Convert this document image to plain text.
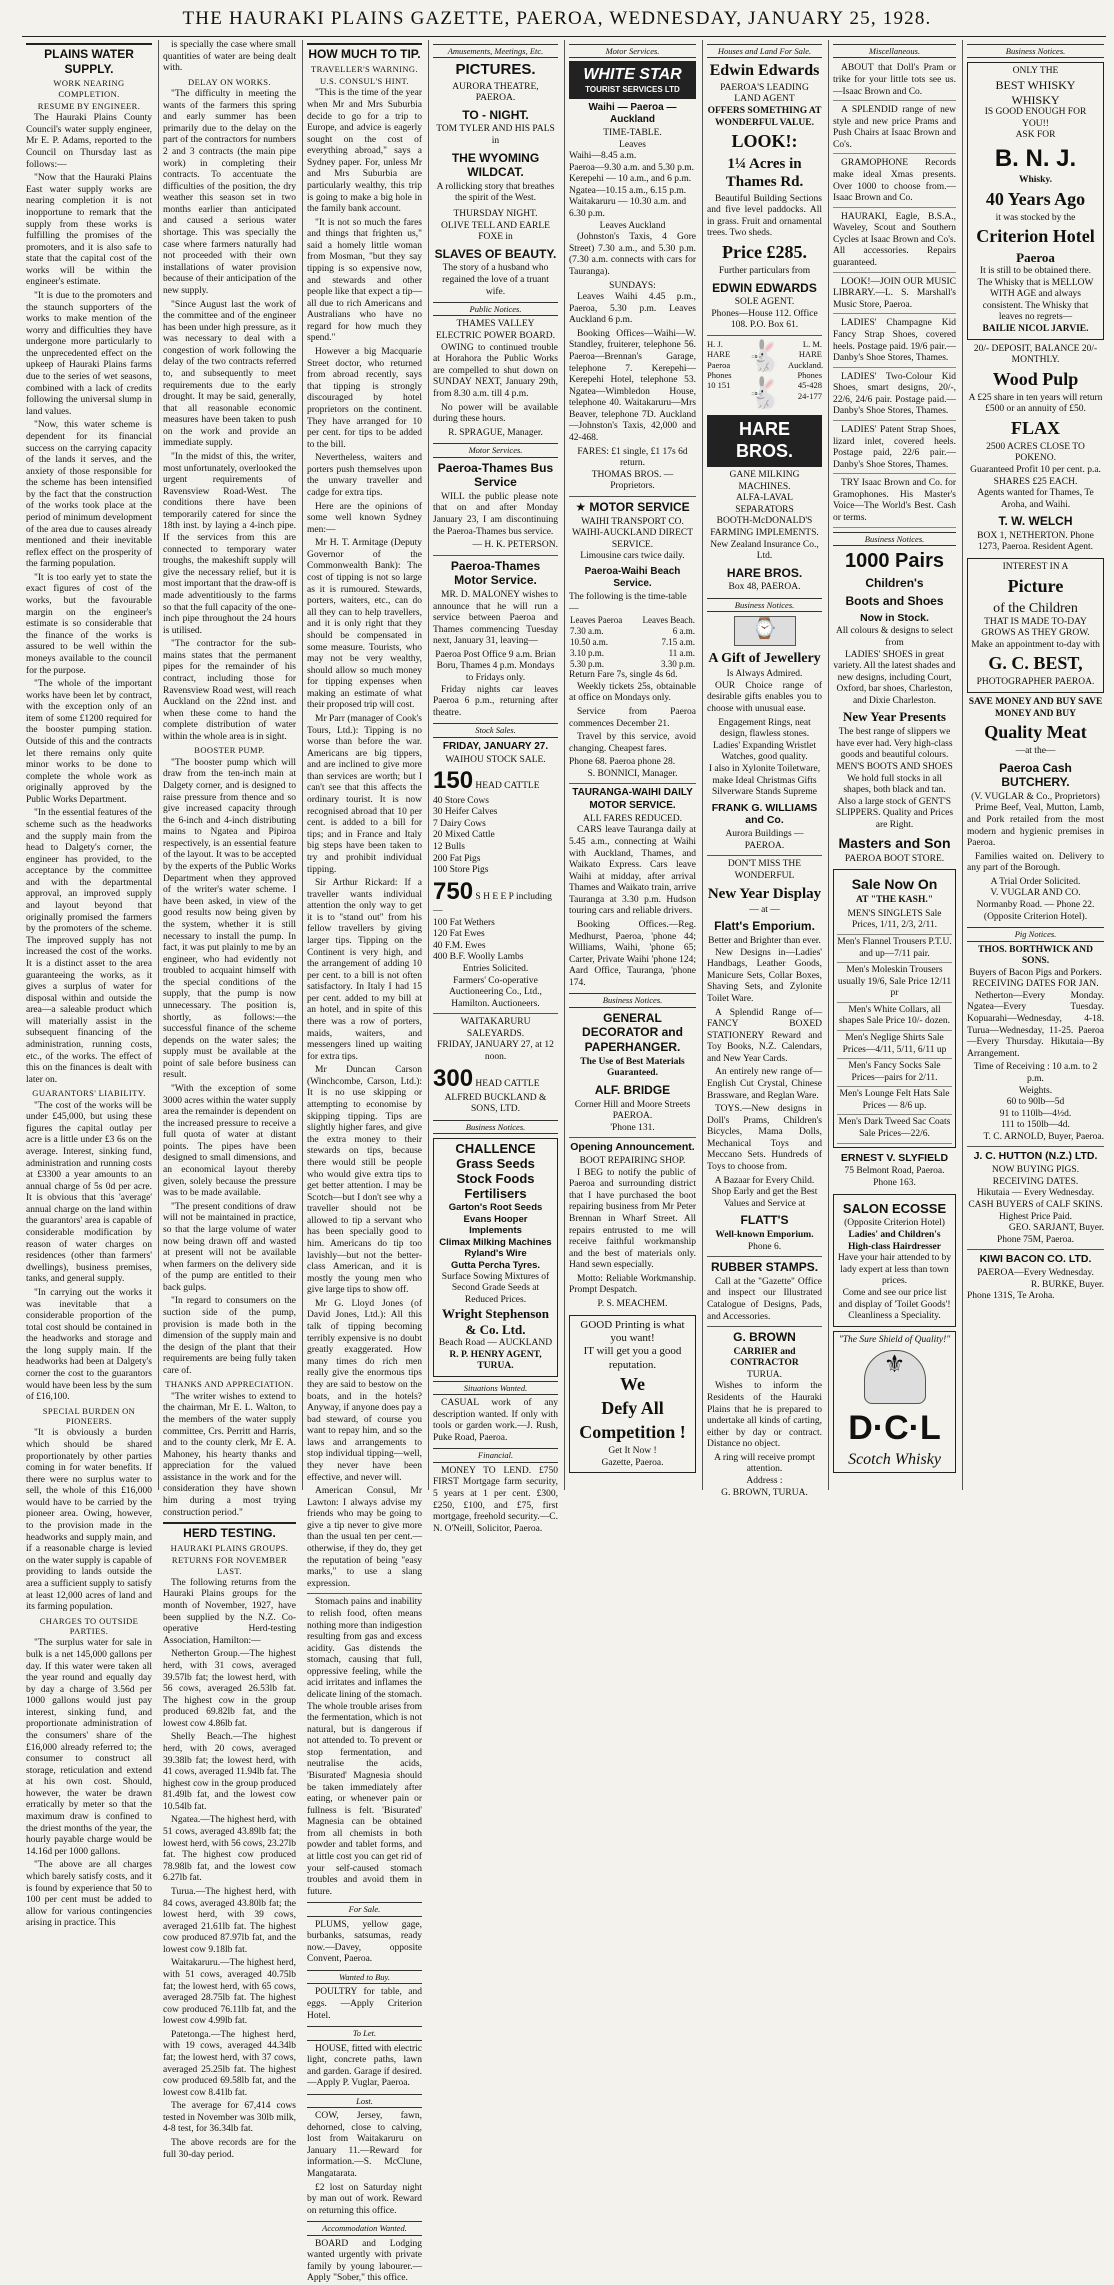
THE HAURAKI PLAINS GAZETTE, PAEROA, WEDNESDAY, JANUARY 25, 1928.
PLAINS WATER SUPPLY.
WORK NEARING COMPLETION.
RESUME BY ENGINEER.

The Hauraki Plains County Council's water supply engineer, Mr E. P. Adams, reported to the Council on Thursday last as follows:—

"Now that the Hauraki Plains East water supply works are nearing completion it is not inopportune to remark that the supply from these works is fulfilling the promises of the promoters, and it is also safe to state that the capital cost of the works will be within the engineer's estimate.

"It is due to the promoters and the staunch supporters of the works to make mention of the worry and difficulties they have undergone more particularly to the unprecedented effect on the upkeep of Hauraki Plains farms due to the series of wet seasons, combined with a lack of credits following the universal slump in land values.

"Now, this water scheme is dependent for its financial success on the carrying capacity of the lands it serves, and the anxiety of those responsible for the scheme has been intensified by the fact that the construction of the works took place at the period of minimum development of the area due to causes already mentioned and their inevitable reflex effect on the prosperity of the farming population.

"It is too early yet to state the exact figures of cost of the works, but the favourable margin on the engineer's estimate is so considerable that the finance of the works is assured to be well within the moneys available to the council for the purpose.

"The whole of the important works have been let by contract, with the exception only of an item of some £1200 required for the booster pumping station. Outside of this and the contracts let there remains only quite minor works to be done to complete the whole work as originally approved by the Public Works Department.

"In the essential features of the scheme such as the headworks and the supply main from the head to Dalgety's corner, the engineer has provided, to the acceptance by the committee and with the departmental approval, an improved supply and layout beyond that originally promised the farmers by the promoters of the scheme. The improved supply has not increased the cost of the works. It is a distinct asset to the area guaranteeing the works, as it gives a surplus of water for disposal within and outside the area—a saleable product which will materially assist in the subsequent financing of the administration, running costs, etc., of the works. The effect of this on the finances is dealt with later on.

GUARANTORS' LIABILITY.

"The cost of the works will be under £45,000, but using these figures the capital outlay per acre is a little under £3 6s on the average. Interest, sinking fund, administration and running costs at £3300 a year amounts to an annual charge of 5s 0d per acre. It is obvious that this 'average' annual charge on the land within the guarantors' area is capable of considerable modification by reason of water charges on residences (other than farmers' dwellings), business premises, tanks, and general supply.

"In carrying out the works it was inevitable that a considerable proportion of the total cost should be contained in the headworks and storage and the long supply main. If the headworks had been at Dalgety's corner the cost to the guarantors would have been less by the sum of £16,100.

SPECIAL BURDEN ON PIONEERS.

"It is obviously a burden which should be shared proportionately by other parties coming in for water benefits. If there were no surplus water to sell, the whole of this £16,000 would have to be carried by the pioneer area. Owing, however, to the provision made in the headworks and supply main, and if a reasonable charge is levied on the water supply is capable of providing to lands outside the area a sufficient supply to satisfy at least 12,000 acres of land and its farming population.

CHARGES TO OUTSIDE PARTIES.

"The surplus water for sale in bulk is a net 145,000 gallons per day. If this water were taken all the year round and equally day by day a charge of 3.56d per 1000 gallons would just pay interest, sinking fund, and proportionate administration of the consumers' share of the £16,000 already referred to; the consumer to construct all storage, reticulation and extend at his own cost. Should, however, the water be drawn erratically by meter so that the maximum draw is confined to the driest months of the year, the hourly payable charge would be 14.16d per 1000 gallons.

"The above are all charges which barely satisfy costs, and it is found by experience that 50 to 100 per cent must be added to allow for various contingencies arising in practice. This

is specially the case where small quantities of water are being dealt with.

DELAY ON WORKS.

"The difficulty in meeting the wants of the farmers this spring and early summer has been primarily due to the delay on the part of the contractors for numbers 2 and 3 contracts (the main pipe work) in completing their contracts. To accentuate the difficulties of the position, the dry weather this season set in two months earlier than anticipated and caused a serious water shortage. This was specially the case where farmers naturally had not proceeded with their own installations of water provision because of their anticipation of the new supply.

"Since August last the work of the committee and of the engineer has been under high pressure, as it was necessary to deal with a congestion of work following the delay of the two contracts referred to, and subsequently to meet requirements due to the early drought. It may be said, generally, that all reasonable economic measures have been taken to push on the work and provide an immediate supply.

"In the midst of this, the writer, most unfortunately, overlooked the urgent requirements of Ravensview Road-West. The conditions there have been temporarily catered for since the 18th inst. by laying a 4-inch pipe. If the services from this are connected to temporary water troughs, the makeshift supply will give the necessary relief, but it is most important that the draw-off is made adventitiously to the farms so that the full capacity of the one-inch pipe throughout the 24 hours is utilised.

"The contractor for the sub-mains states that the permanent pipes for the remainder of his contract, including those for Ravensview Road west, will reach Auckland on the 22nd inst. and when these come to hand the complete distribution of water within the whole area is in sight.

BOOSTER PUMP.

"The booster pump which will draw from the ten-inch main at Dalgety corner, and is designed to raise pressure from thence and so give increased capacity through the 6-inch and 4-inch distributing mains to Ngatea and Pipiroa respectively, is an essential feature of the layout. It was to be accepted by the experts of the Public Works Department when they approved of the writer's water scheme. I have been asked, in view of the good results now being given by the system, whether it is still necessary to install the pump. In fact, it was put plainly to me by an engineer, who had evidently not troubled to acquaint himself with the special conditions of the supply, that the pump is now unnecessary. The position is, shortly, as follows:—the successful finance of the scheme depends on the water sales; the supply must be available at the point of sale before business can result.

"With the exception of some 3000 acres within the water supply area the remainder is dependent on the increased pressure to receive a full quota of water at distant points. The pipes have been designed to small dimensions, and an economical layout thereby given, solely because the pressure was to be made available.

"The present conditions of draw will not be maintained in practice, so that the large volume of water now being drawn off and wasted at present will not be available when farmers on the delivery side of the pump are entitled to their back gulps.

"In regard to consumers on the suction side of the pump, provision is made both in the dimension of the supply main and the design of the plant that their requirements are being fully taken care of.

THANKS AND APPRECIATION.

"The writer wishes to extend to the chairman, Mr E. L. Walton, to the members of the water supply committee, Crs. Perritt and Harris, and to the county clerk, Mr E. A. Mahoney, his hearty thanks and appreciation for the valued assistance in the work and for the consideration they have shown him during a most trying construction period."

HERD TESTING.
HAURAKI PLAINS GROUPS.
RETURNS FOR NOVEMBER LAST.

The following returns from the Hauraki Plains groups for the month of November, 1927, have been supplied by the N.Z. Co-operative Herd-testing Association, Hamilton:—

Netherton Group.—The highest herd, with 31 cows, averaged 39.57lb fat; the lowest herd, with 56 cows, averaged 26.53lb fat. The highest cow in the group produced 69.82lb fat, and the lowest cow 4.86lb fat.

Shelly Beach.—The highest herd, with 20 cows, averaged 39.38lb fat; the lowest herd, with 41 cows, averaged 11.94lb fat. The highest cow in the group produced 81.49lb fat, and the lowest cow 10.54lb fat.

Ngatea.—The highest herd, with 51 cows, averaged 43.89lb fat; the lowest herd, with 56 cows, 23.27lb fat. The highest cow produced 78.98lb fat, and the lowest cow 6.27lb fat.

Turua.—The highest herd, with 84 cows, averaged 43.80lb fat; the lowest herd, with 39 cows, averaged 21.61lb fat. The highest cow produced 87.97lb fat, and the lowest cow 9.18lb fat.

Waitakaruru.—The highest herd, with 51 cows, averaged 40.75lb fat; the lowest herd, with 65 cows, averaged 28.75lb fat. The highest cow produced 76.11lb fat, and the lowest cow 4.99lb fat.

Patetonga.—The highest herd, with 19 cows, averaged 44.34lb fat; the lowest herd, with 37 cows, averaged 25.25lb fat. The highest cow produced 69.58lb fat, and the lowest cow 8.41lb fat.

The average for 67,414 cows tested in November was 30lb milk, 4-8 test, for 36.34lb fat.

The above records are for the full 30-day period.

HOW MUCH TO TIP.
TRAVELLER'S WARNING.
U.S. CONSUL'S HINT.

"This is the time of the year when Mr and Mrs Suburbia decide to go for a trip to Europe, and advice is eagerly sought on the cost of everything abroad," says a Sydney paper. For, unless Mr and Mrs Suburbia are particularly wealthy, this trip is going to make a big hole in the family bank account.

"It is not so much the fares and things that frighten us," said a homely little woman from Mosman, "but they say tipping is so expensive now, and stewards and other people like that expect a tip—all due to rich Americans and Australians who have no regard for how much they spend."

However a big Macquarie Street doctor, who returned from abroad recently, says that tipping is strongly discouraged by hotel proprietors on the continent. They have arranged for 10 per cent. for tips to be added to the bill.

Nevertheless, waiters and porters push themselves upon the unwary traveller and cadge for extra tips.

Here are the opinions of some well known Sydney men:—

Mr H. T. Armitage (Deputy Governor of the Commonwealth Bank): The cost of tipping is not so large as it is rumoured. Stewards, porters, waiters, etc., can do all they can to help travellers, and it is only right that they should be compensated in some measure. Tourists, who may not be very wealthy, should allow so much money for tipping expenses when making an estimate of what their proposed trip will cost.

Mr Parr (manager of Cook's Tours, Ltd.): Tipping is no worse than before the war. Americans are big tippers, and are inclined to give more than services are worth; but I can't see that this affects the ordinary tourist. It is now recognised abroad that 10 per cent. is added to a bill for tips; and in France and Italy big steps have been taken to try and prohibit individual tipping.

Sir Arthur Rickard: If a traveller wants individual attention the only way to get it is to "stand out" from his fellow travellers by giving larger tips. Tipping on the Continent is very high, and the arrangement of adding 10 per cent. to a bill is not often satisfactory. In Italy I had 15 per cent. added to my bill at an hotel, and in spite of this there was a row of porters, maids, waiters, and messengers lined up waiting for extra tips.

Mr Duncan Carson (Winchcombe, Carson, Ltd.): It is no use skipping or attempting to economise by skipping tipping. Tips are slightly higher fares, and give the extra money to their stewards on tips, because there would still be people who would give extra tips to get better attention. I may be Scotch—but I don't see why a traveller should not be allowed to tip a servant who has been specially good to him. Americans do tip too lavishly—but not the better-class American, and it is mostly the young men who give large tips to show off.

Mr G. Lloyd Jones (of David Jones, Ltd.): All this talk of tipping becoming terribly expensive is no doubt greatly exaggerated. How many times do rich men really give the enormous tips they are said to bestow on the boats, and in the hotels? Anyway, if anyone does pay a bad steward, of course you want to repay him, and so the laws and arrangements to stop individual tipping—well, they never have been effective, and never will.

American Consul, Mr Lawton: I always advise my friends who may be going to give a tip never to give more than the usual ten per cent.—otherwise, if they do, they get the reputation of being "easy marks," to use a slang expression.

Stomach pains and inability to relish food, often means nothing more than indigestion resulting from gas and excess acidity. Gas distends the stomach, causing that full, oppressive feeling, while the acid irritates and inflames the delicate lining of the stomach. The whole trouble arises from the fermentation, which is not natural, but is dangerous if not attended to. To prevent or stop fermentation, and neutralise the acids, 'Bisurated' Magnesia should be taken immediately after eating, or whenever pain or fullness is felt. 'Bisurated' Magnesia can be obtained from all chemists in both powder and tablet forms, and at little cost you can get rid of your self-caused stomach troubles and avoid them in future.

For Sale.

PLUMS, yellow gage, burbanks, satsumas, ready now.—Davey, opposite Convent, Paeroa.

Wanted to Buy.

POULTRY for table, and eggs. —Apply Criterion Hotel.

To Let.

HOUSE, fitted with electric light, concrete paths, lawn and garden. Garage if desired.—Apply P. Vuglar, Paeroa.

Lost.

COW, Jersey, fawn, dehorned, close to calving, lost from Waitakaruru on January 11.—Reward for information.—S. McClune, Mangatarata.

£2 lost on Saturday night by man out of work. Reward on returning this office.

Accommodation Wanted.

BOARD and Lodging wanted urgently with private family by young labourer.—Apply "Sober," this office.

Amusements, Meetings, Etc.
PICTURES.
AURORA THEATRE, PAEROA.
TO - NIGHT.
TOM TYLER AND HIS PALS in
THE WYOMING WILDCAT.
A rollicking story that breathes the spirit of the West.
THURSDAY NIGHT.
OLIVE TELL AND EARLE FOXE in
SLAVES OF BEAUTY.
The story of a husband who regained the love of a truant wife.
Public Notices.
THAMES VALLEY ELECTRIC POWER BOARD.

OWING to continued trouble at Horahora the Public Works are compelled to shut down on SUNDAY NEXT, January 29th, from 8.30 a.m. till 4 p.m.

No power will be available during these hours.

R. SPRAGUE, Manager.
Motor Services.
Paeroa-Thames Bus Service

WILL the public please note that on and after Monday January 23, I am discontinuing the Paeroa-Thames bus service.

— H. K. PETERSON.
Paeroa-Thames Motor Service.

MR. D. MALONEY wishes to announce that he will run a service between Paeroa and Thames commencing Tuesday next, January 31, leaving—

Paeroa Post Office 9 a.m. Brian Boru, Thames 4 p.m. Mondays to Fridays only.

Friday nights car leaves Paeroa 6 p.m., returning after theatre.

Stock Sales.
FRIDAY, JANUARY 27.
WAIHOU STOCK SALE.
150 HEAD CATTLE
40 Store Cows
30 Heifer Calves
7 Dairy Cows
20 Mixed Cattle
12 Bulls
200 Fat Pigs
100 Store Pigs
750 S H E E P including—
100 Fat Wethers
120 Fat Ewes
40 F.M. Ewes
400 B.F. Woolly Lambs
Entries Solicited.
Farmers' Co-operative Auctioneering Co., Ltd., Hamilton. Auctioneers.
WAITAKARURU SALEYARDS.
FRIDAY, JANUARY 27, at 12 noon.
300 HEAD CATTLE
ALFRED BUCKLAND & SONS, LTD.
Business Notices.
CHALLENCE
Grass Seeds
Stock Foods
Fertilisers
Garton's Root Seeds
Evans Hooper Implements
Climax Milking Machines
Ryland's Wire
Gutta Percha Tyres.
Surface Sowing Mixtures of Second Grade Seeds at Reduced Prices.
Wright Stephenson & Co. Ltd.
Beach Road — AUCKLAND
R. P. HENRY AGENT, TURUA.
Situations Wanted.

CASUAL work of any description wanted. If only with tools or garden work.—J. Rush, Puke Road, Paeroa.

Financial.

MONEY TO LEND. £750 FIRST Mortgage farm security, 5 years at 1 per cent. £300, £250, £100, and £75, first mortgage, freehold security.—C. N. O'Neill, Solicitor, Paeroa.

Motor Services.
WHITE STAR
TOURIST SERVICES LTD
Waihi — Paeroa — Auckland
TIME-TABLE.
Leaves
Waihi—8.45 a.m.
Paeroa—9.30 a.m. and 5.30 p.m.
Kerepehi — 10 a.m., and 6 p.m.
Ngatea—10.15 a.m., 6.15 p.m.
Waitakaruru — 10.30 a.m. and 6.30 p.m.
Leaves Auckland

(Johnston's Taxis, 4 Gore Street) 7.30 a.m., and 5.30 p.m. (7.30 a.m. connects with cars for Tauranga).

SUNDAYS:

Leaves Waihi 4.45 p.m., Paeroa, 5.30 p.m. Leaves Auckland 6 p.m.

Booking Offices—Waihi—W. Standley, fruiterer, telephone 56. Paeroa—Brennan's Garage, telephone 7. Kerepehi—Kerepehi Hotel, telephone 53. Ngatea—Wimbledon House, telephone 40. Waitakaruru—Mrs Beaver, telephone 7D. Auckland—Johnston's Taxis, 42,000 and 42-468.

FARES: £1 single, £1 17s 6d return.
THOMAS BROS. — Proprietors.
★ MOTOR SERVICE
WAIHI TRANSPORT CO.
WAIHI-AUCKLAND DIRECT SERVICE.
Limousine cars twice daily.
Paeroa-Waihi Beach Service.
The following is the time-table—
Leaves Paeroa	Leaves Beach.
7.30 a.m.	6 a.m.
10.50 a.m.	7.15 a.m.
3.10 p.m.	11 a.m.
5.30 p.m.	3.30 p.m.
Return Fare 7s, single 4s 6d.

Weekly tickets 25s, obtainable at office on Mondays only.

Service from Paeroa commences December 21.

Travel by this service, avoid changing. Cheapest fares.

Phone 68. Paeroa phone 28.
S. BONNICI, Manager.
TAURANGA-WAIHI DAILY MOTOR SERVICE.
ALL FARES REDUCED.

CARS leave Tauranga daily at 5.45 a.m., connecting at Waihi with Auckland, Thames, and Waikato Express. Cars leave Waihi at midday, after arrival Thames and Waikato train, arrive Tauranga at 3.30 p.m. Hudson touring cars and reliable drivers.

Booking Offices.—Reg. Medhurst, Paeroa, 'phone 44; Williams, Waihi, 'phone 65; Carter, Private Waihi 'phone 124; Aard Office, Tauranga, 'phone 174.

Business Notices.
GENERAL DECORATOR and PAPERHANGER.
The Use of Best Materials Guaranteed.
ALF. BRIDGE
Corner Hill and Moore Streets PAEROA.
'Phone 131.
Opening Announcement.
BOOT REPAIRING SHOP.

I BEG to notify the public of Paeroa and surrounding district that I have purchased the boot repairing business from Mr Peter Brennan in Wharf Street. All repairs entrusted to me will receive faithful workmanship and the best of materials only. Hand sewn especially.

Motto: Reliable Workmanship. Prompt Despatch.

P. S. MEACHEM.
GOOD Printing is what you want!
IT will get you a good reputation.
We
Defy All
Competition !
Get It Now !
Gazette, Paeroa.
Houses and Land For Sale.
Edwin Edwards
PAEROA'S LEADING LAND AGENT
OFFERS SOMETHING AT WONDERFUL VALUE.
LOOK!:
1¼ Acres in Thames Rd.

Beautiful Building Sections and five level paddocks. All in grass. Fruit and ornamental trees. Two sheds.

Price £285.
Further particulars from
EDWIN EDWARDS
SOLE AGENT.
Phones—House 112. Office 108. P.O. Box 61.
H. J. HARE Paeroa Phones 10 151
🐇🐇
L. M. HARE Auckland. Phones 45-428 24-177
HARE BROS.
GANE MILKING MACHINES.
ALFA-LAVAL SEPARATORS
BOOTH-McDONALD'S
FARMING IMPLEMENTS.
New Zealand Insurance Co., Ltd.
HARE BROS.
Box 48, PAEROA.
Business Notices.
⌚
A Gift of Jewellery
Is Always Admired.

OUR Choice range of desirable gifts enables you to choose with unusual ease.

Engagement Rings, neat design, flawless stones. Ladies' Expanding Wristlet Watches, good quality.
I also in Xylonite Toiletware, make Ideal Christmas Gifts Silverware Stands Supreme
FRANK G. WILLIAMS and Co.
Aurora Buildings — PAEROA.
DON'T MISS THE WONDERFUL
New Year Display
— at —
Flatt's Emporium.
Better and Brighter than ever.

New Designs in—Ladies' Handbags, Leather Goods, Manicure Sets, Collar Boxes, Shaving Sets, and Zylonite Toilet Ware.

A Splendid Range of—FANCY BOXED STATIONERY Reward and Toy Books, N.Z. Calendars, and New Year Cards.

An entirely new range of—English Cut Crystal, Chinese Brassware, and Reglan Ware.

TOYS.—New designs in Doll's Prams, Children's Bicycles, Mama Dolls, Mechanical Toys and Meccano Sets. Hundreds of Toys to choose from.

A Bazaar for Every Child.
Shop Early and get the Best Values and Service at
FLATT'S
Well-known Emporium.
Phone 6.
RUBBER STAMPS.

Call at the "Gazette" Office and inspect our Illustrated Catalogue of Designs, Pads, and Accessories.

G. BROWN
CARRIER and CONTRACTOR
TURUA.

Wishes to inform the Residents of the Hauraki Plains that he is prepared to undertake all kinds of carting, either by day or contract. Distance no object.

A ring will receive prompt attention.
Address :
G. BROWN, TURUA.
Miscellaneous.

ABOUT that Doll's Pram or trike for your little tots see us.—Isaac Brown and Co.

A SPLENDID range of new style and new price Prams and Push Chairs at Isaac Brown and Co's.

GRAMOPHONE Records make ideal Xmas presents. Over 1000 to choose from.—Isaac Brown and Co.

HAURAKI, Eagle, B.S.A., Waveley, Scout and Southern Cycles at Isaac Brown and Co's. All accessories. Repairs guaranteed.

LOOK!—JOIN OUR MUSIC LIBRARY.—L. S. Marshall's Music Store, Paeroa.

LADIES' Champagne Kid Fancy Strap Shoes, covered heels. Postage paid. 19/6 pair.—Danby's Shoe Stores, Thames.

LADIES' Two-Colour Kid Shoes, smart designs, 20/-, 22/6, 24/6 pair. Postage paid.—Danby's Shoe Stores, Thames.

LADIES' Patent Strap Shoes, lizard inlet, covered heels. Postage paid, 22/6 pair.—Danby's Shoe Stores, Thames.

TRY Isaac Brown and Co. for Gramophones. His Master's Voice—The World's Best. Cash or terms.

Business Notices.
1000 Pairs
Children's
Boots and Shoes
Now in Stock.
All colours & designs to select from
LADIES' SHOES in great variety. All the latest shades and new designs, including Court, Oxford, bar shoes, Charleston, and Dixie Charleston.
New Year Presents
The best range of slippers we have ever had. Very high-class goods and beautiful colours.
MEN'S BOOTS AND SHOES We hold full stocks in all shapes, both black and tan.
Also a large stock of GENT'S SLIPPERS. Quality and Prices are Right.
Masters and Son
PAEROA BOOT STORE.
Sale Now On
AT "THE KASH."
MEN'S SINGLETS Sale Prices, 1/11, 2/3, 2/11.
Men's Flannel Trousers P.T.U. and up—7/11 pair.
Men's Moleskin Trousers usually 19/6, Sale Price 12/11 pr
Men's White Collars, all shapes Sale Price 10/- dozen.
Men's Neglige Shirts Sale Prices—4/11, 5/11, 6/11 up
Men's Fancy Socks Sale Prices—pairs for 2/11.
Men's Lounge Felt Hats Sale Prices — 8/6 up.
Men's Dark Tweed Sac Coats Sale Prices—22/6.
ERNEST V. SLYFIELD
75 Belmont Road, Paeroa. Phone 163.
SALON ECOSSE
(Opposite Criterion Hotel)
Ladies' and Children's High-class Hairdresser
Have your hair attended to by lady expert at less than town prices.
Come and see our price list and display of 'Toilet Goods'!
Cleanliness a Speciality.
"The Sure Shield of Quality!"
⚜
D·C·L
Scotch Whisky
Business Notices.
ONLY THE
BEST WHISKY WHISKY
IS GOOD ENOUGH FOR YOU!!
ASK FOR
B. N. J.
Whisky.
40 Years Ago
it was stocked by the
Criterion Hotel
Paeroa
It is still to be obtained there.
The Whisky that is MELLOW WITH AGE and always consistent. The Whisky that leaves no regrets—
BAILIE NICOL JARVIE.
20/- DEPOSIT, BALANCE 20/- MONTHLY.
Wood Pulp
A £25 share in ten years will return £500 or an annuity of £50.
FLAX
2500 ACRES CLOSE TO POKENO.
Guaranteed Profit 10 per cent. p.a. SHARES £25 EACH.
Agents wanted for Thames, Te Aroha, and Waihi.
T. W. WELCH
BOX 1, NETHERTON. Phone 1273, Paeroa. Resident Agent.
INTEREST IN A
Picture
of the Children
THAT IS MADE TO-DAY
GROWS AS THEY GROW.
Make an appointment to-day with
G. C. BEST,
PHOTOGRAPHER PAEROA.
SAVE MONEY AND BUY SAVE MONEY AND BUY
Quality Meat
—at the—
Paeroa Cash BUTCHERY.
(V. VUGLAR & Co., Proprietors)

Prime Beef, Veal, Mutton, Lamb, and Pork retailed from the most modern and hygienic premises in Paeroa.

Families waited on. Delivery to any part of the Borough.

A Trial Order Solicited.
V. VUGLAR AND CO.
Normanby Road. — Phone 22. (Opposite Criterion Hotel).
Pig Notices.
THOS. BORTHWICK AND SONS.
Buyers of Bacon Pigs and Porkers.
RECEIVING DATES FOR JAN.

Netherton—Every Monday. Ngatea—Every Tuesday. Kopuarahi—Wednesday, 4-18. Turua—Wednesday, 11-25. Paeroa—Every Thursday. Hikutaia—By Arrangement.

Time of Receiving : 10 a.m. to 2 p.m.
Weights.
60 to 90lb—5d
91 to 110lb—4½d.
111 to 150lb—4d.
T. C. ARNOLD, Buyer, Paeroa.
J. C. HUTTON (N.Z.) LTD.
NOW BUYING PIGS.
RECEIVING DATES.
Hikutaia — Every Wednesday. CASH BUYERS of CALF SKINS. Highest Price Paid.
GEO. SARJANT, Buyer.
Phone 75M, Paeroa.
KIWI BACON CO. LTD.
PAEROA—Every Wednesday.
R. BURKE, Buyer.
Phone 131S, Te Aroha.
